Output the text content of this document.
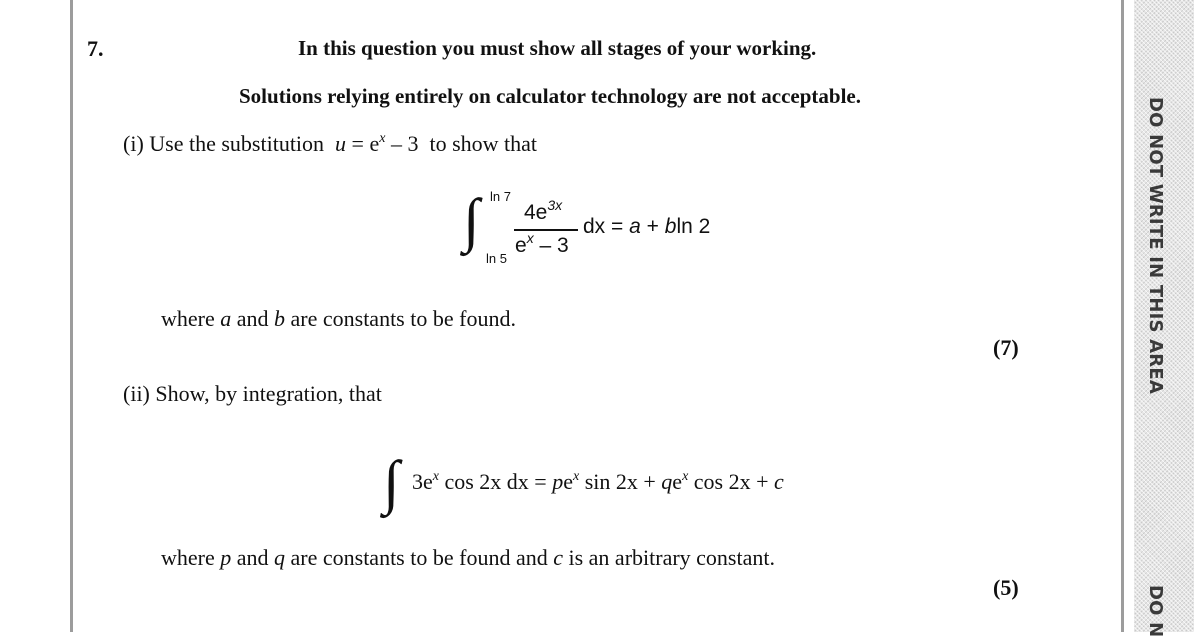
DO NOT WRITE IN THIS AREA
DO N
7.	In this question you must show all stages of your working.
Solutions relying entirely on calculator technology are not acceptable.
(i) Use the substitution $u = e^x - 3$ to show that
∫ ln 7
ln 5
$4e^{3x}$
$e^x - 3$
dx = a + bln 2
where a and b are constants to be found.
(7)
(ii) Show, by integration, that
∫ $3e^x$ cos 2x dx = $pe^x$ $\sin 2x + qe^x$ cos 2x + c
where p and q are constants to be found and c is an arbitrary constant.
(5)
